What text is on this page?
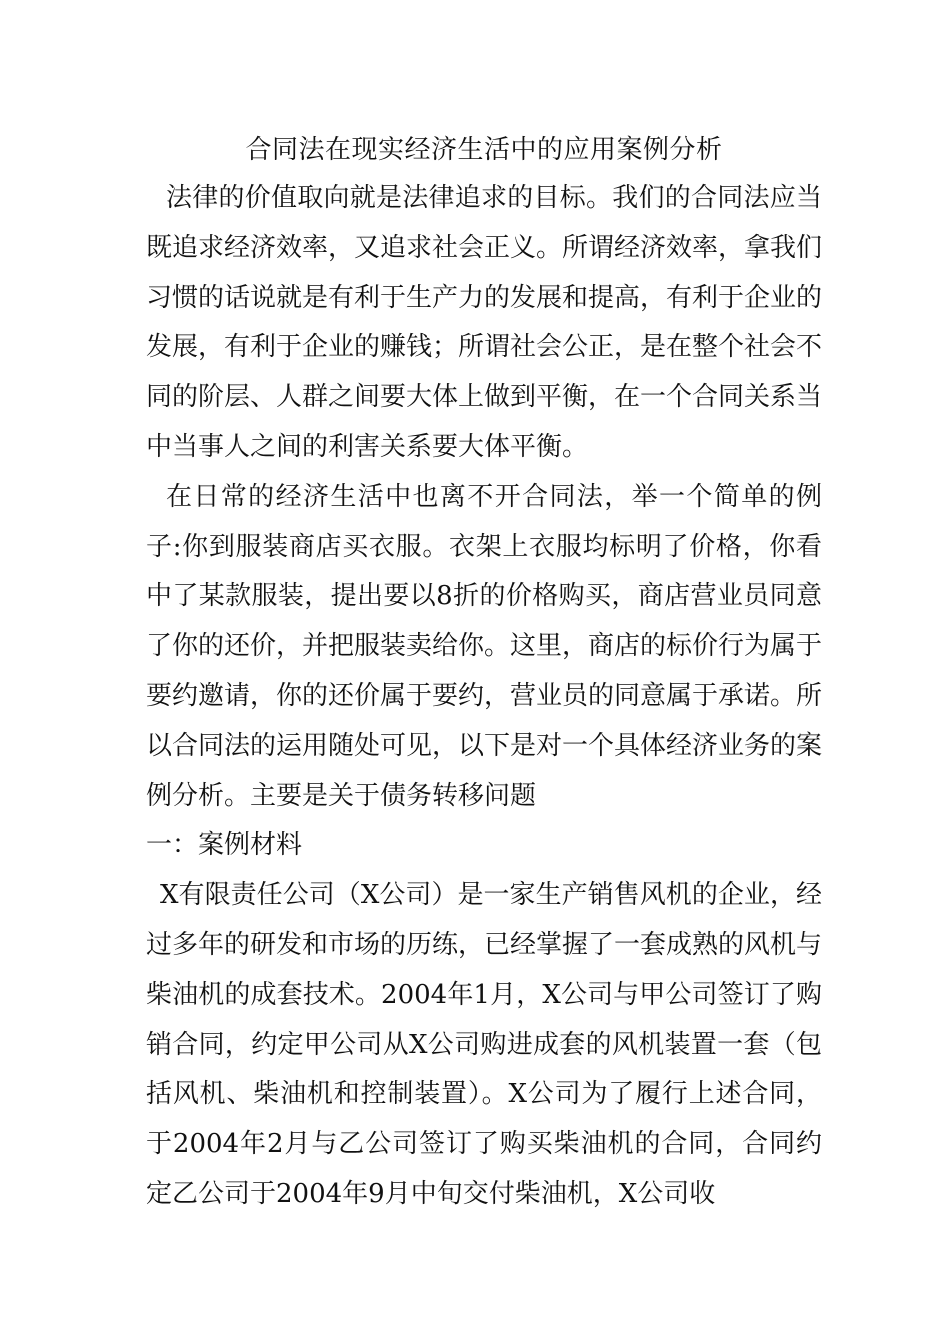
合同法在现实经济生活中的应用案例分析

法律的价值取向就是法律追求的目标。我们的合同法应当既追求经济效率，又追求社会正义。所谓经济效率，拿我们习惯的话说就是有利于生产力的发展和提高，有利于企业的发展，有利于企业的赚钱；所谓社会公正，是在整个社会不同的阶层、人群之间要大体上做到平衡，在一个合同关系当中当事人之间的利害关系要大体平衡。

在日常的经济生活中也离不开合同法，举一个简单的例子:你到服装商店买衣服。衣架上衣服均标明了价格，你看中了某款服装，提出要以8折的价格购买，商店营业员同意了你的还价，并把服装卖给你。这里，商店的标价行为属于要约邀请，你的还价属于要约，营业员的同意属于承诺。所以合同法的运用随处可见，以下是对一个具体经济业务的案例分析。主要是关于债务转移问题

一：案例材料

X有限责任公司（X公司）是一家生产销售风机的企业，经过多年的研发和市场的历练，已经掌握了一套成熟的风机与柴油机的成套技术。2004年1月，X公司与甲公司签订了购销合同，约定甲公司从X公司购进成套的风机装置一套（包括风机、柴油机和控制装置）。X公司为了履行上述合同，于2004年2月与乙公司签订了购买柴油机的合同，合同约定乙公司于2004年9月中旬交付柴油机，X公司收
